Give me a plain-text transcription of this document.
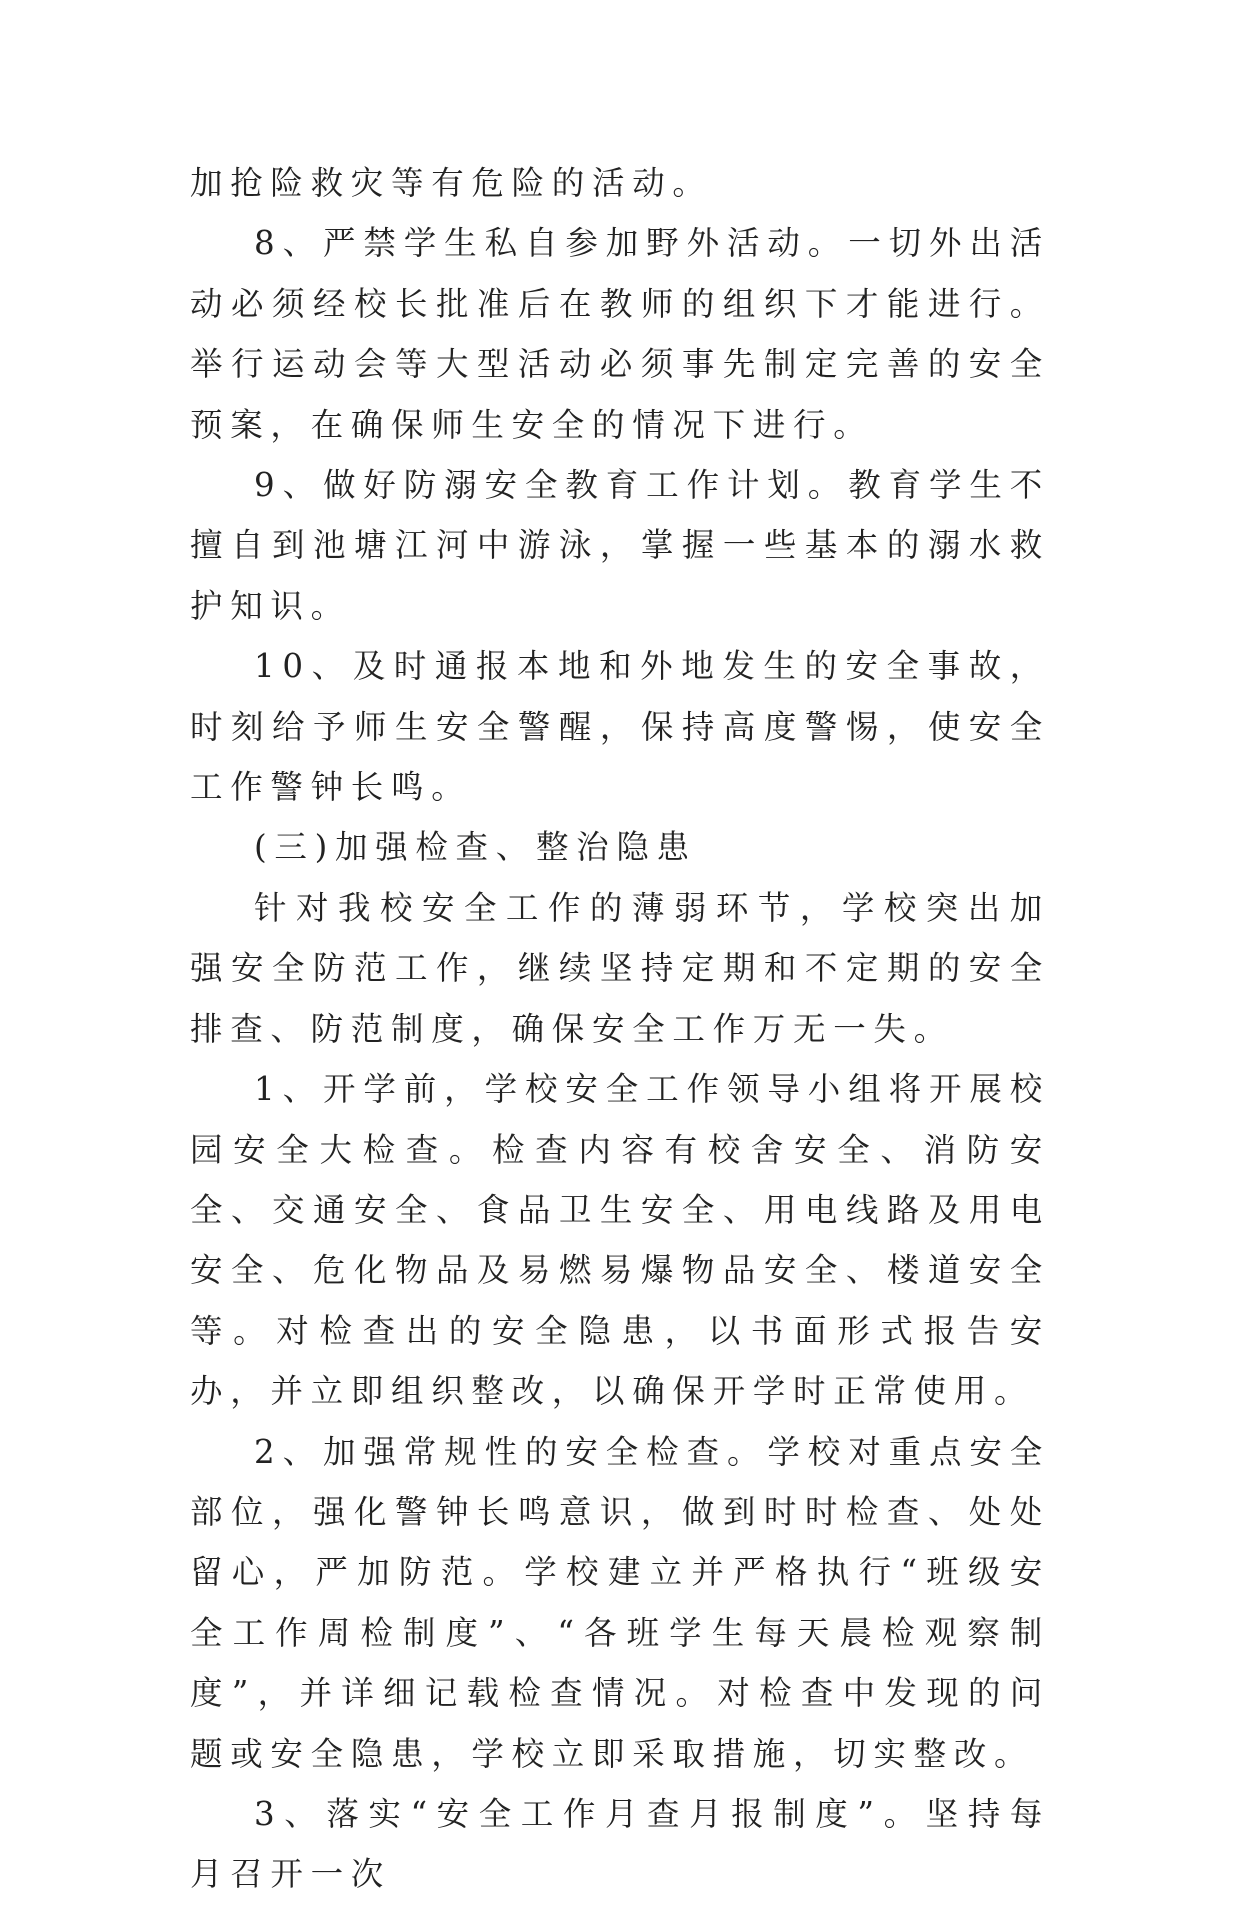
加抢险救灾等有危险的活动。

8、严禁学生私自参加野外活动。一切外出活动必须经校长批准后在教师的组织下才能进行。举行运动会等大型活动必须事先制定完善的安全预案，在确保师生安全的情况下进行。

9、做好防溺安全教育工作计划。教育学生不擅自到池塘江河中游泳，掌握一些基本的溺水救护知识。

10、及时通报本地和外地发生的安全事故，时刻给予师生安全警醒，保持高度警惕，使安全工作警钟长鸣。

(三)加强检查、整治隐患

针对我校安全工作的薄弱环节，学校突出加强安全防范工作，继续坚持定期和不定期的安全排查、防范制度，确保安全工作万无一失。

1、开学前，学校安全工作领导小组将开展校园安全大检查。检查内容有校舍安全、消防安全、交通安全、食品卫生安全、用电线路及用电安全、危化物品及易燃易爆物品安全、楼道安全等。对检查出的安全隐患，以书面形式报告安办，并立即组织整改，以确保开学时正常使用。

2、加强常规性的安全检查。学校对重点安全部位，强化警钟长鸣意识，做到时时检查、处处留心，严加防范。学校建立并严格执行“班级安全工作周检制度”、“各班学生每天晨检观察制度”，并详细记载检查情况。对检查中发现的问题或安全隐患，学校立即采取措施，切实整改。

3、落实“安全工作月查月报制度”。坚持每月召开一次
